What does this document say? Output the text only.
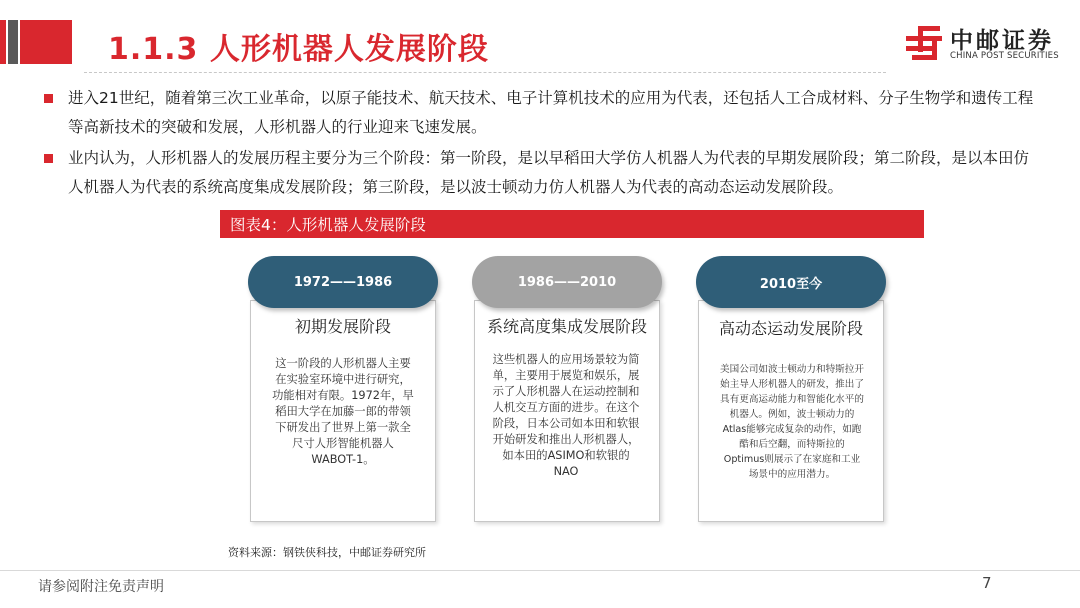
1.1.3 人形机器人发展阶段	中邮证券
CHINA POST SECURITIES
进入21世纪，随着第三次工业革命，以原子能技术、航天技术、电子计算机技术的应用为代表，还包括人工合成材料、分子生物学和遗传工程等高新技术的突破和发展，人形机器人的行业迎来飞速发展。
业内认为，人形机器人的发展历程主要分为三个阶段：第一阶段，是以早稻田大学仿人机器人为代表的早期发展阶段；第二阶段，是以本田仿人机器人为代表的系统高度集成发展阶段；第三阶段，是以波士顿动力仿人机器人为代表的高动态运动发展阶段。
图表4：人形机器人发展阶段
1972——1986
初期发展阶段
这一阶段的人形机器人主要在实验室环境中进行研究，功能相对有限。1972年，早稻田大学在加藤一郎的带领下研发出了世界上第一款全尺寸人形智能机器人WABOT-1。
1986——2010
系统高度集成发展阶段
这些机器人的应用场景较为简单，主要用于展览和娱乐，展示了人形机器人在运动控制和人机交互方面的进步。在这个阶段，日本公司如本田和软银开始研发和推出人形机器人，如本田的ASIMO和软银的NAO
2010至今
高动态运动发展阶段
美国公司如波士顿动力和特斯拉开始主导人形机器人的研发，推出了具有更高运动能力和智能化水平的机器人。例如，波士顿动力的Atlas能够完成复杂的动作，如跑酷和后空翻，而特斯拉的Optimus则展示了在家庭和工业场景中的应用潜力。
资料来源：钢铁侠科技，中邮证券研究所
请参阅附注免责声明	7
